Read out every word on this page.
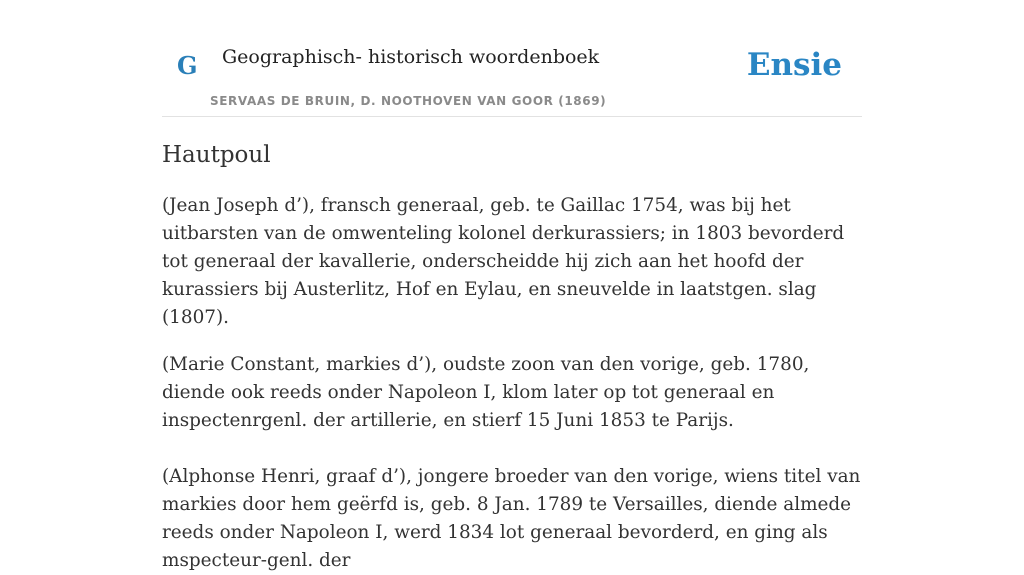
G Geographisch- historisch woordenboek
SERVAAS DE BRUIN, D. NOOTHOVEN VAN GOOR (1869)
Ensie
Hautpoul

(Jean Joseph d’), fransch generaal, geb. te Gaillac 1754, was bij het uitbarsten van de omwenteling kolonel derkurassiers; in 1803 bevorderd tot generaal der kavallerie, onderscheidde hij zich aan het hoofd der kurassiers bij Austerlitz, Hof en Eylau, en sneuvelde in laatstgen. slag (1807).

(Marie Constant, markies d’), oudste zoon van den vorige, geb. 1780, diende ook reeds onder Napoleon I, klom later op tot generaal en inspectenrgenl. der artillerie, en stierf 15 Juni 1853 te Parijs.

(Alphonse Henri, graaf d’), jongere broeder van den vorige, wiens titel van markies door hem geërfd is, geb. 8 Jan. 1789 te Versailles, diende almede reeds onder Napoleon I, werd 1834 lot generaal bevorderd, en ging als mspecteur-genl. der
